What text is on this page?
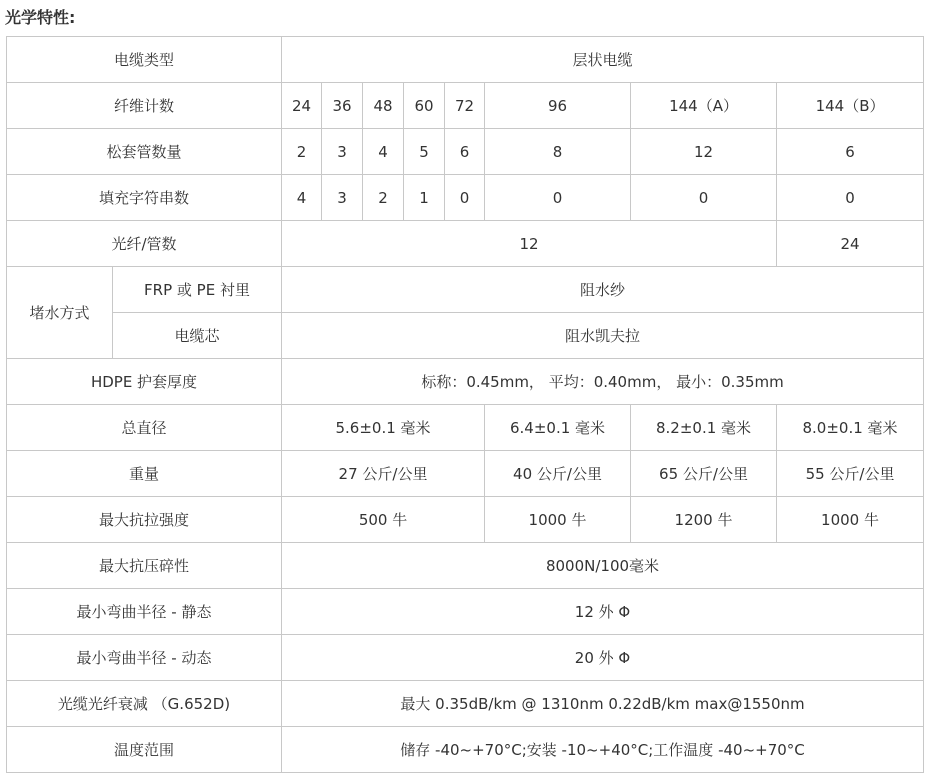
光学特性:
电缆类型		层状电缆							
纤维计数		24	36	48	60	72	96	144（A）	144（B）
松套管数量		2	3	4	5	6	8	12	6
填充字符串数		4	3	2	1	0	0	0	0
光纤/管数		12							24
堵水方式	FRP 或 PE 衬里	阻水纱							
	电缆芯	阻水凯夫拉							
HDPE 护套厚度		标称：0.45mm， 平均：0.40mm， 最小：0.35mm							
总直径		5.6±0.1 毫米					6.4±0.1 毫米	8.2±0.1 毫米	8.0±0.1 毫米
重量		27 公斤/公里					40 公斤/公里	65 公斤/公里	55 公斤/公里
最大抗拉强度		500 牛					1000 牛	1200 牛	1000 牛
最大抗压碎性		8000N/100毫米							
最小弯曲半径 - 静态		12 外 Φ							
最小弯曲半径 - 动态		20 外 Φ							
光缆光纤衰减 （G.652D)		最大 0.35dB/km @ 1310nm 0.22dB/km max@1550nm							
温度范围		储存 -40~+70°C;安装 -10~+40°C;工作温度 -40~+70°C							
